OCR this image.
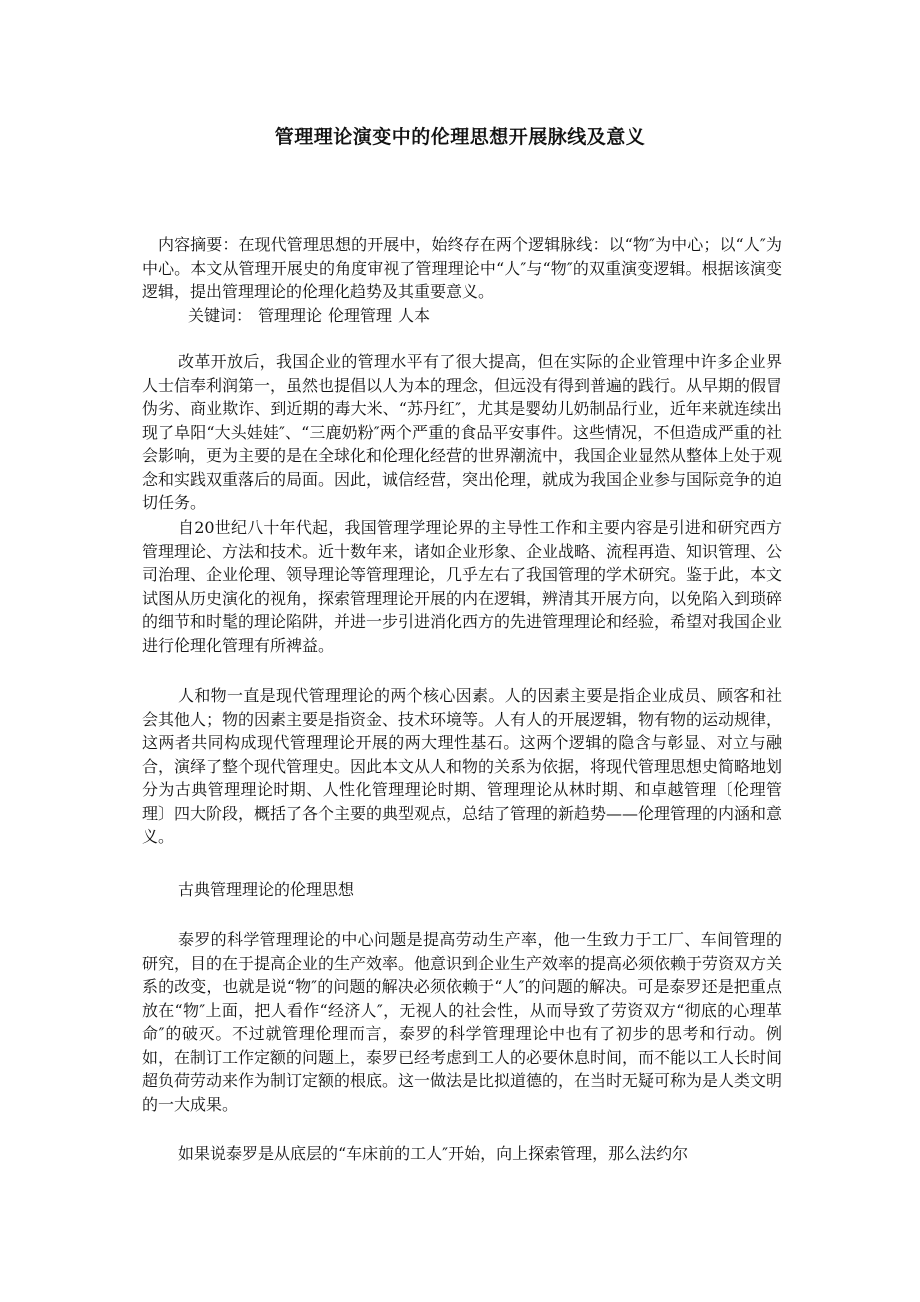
管理理论演变中的伦理思想开展脉线及意义

内容摘要：在现代管理思想的开展中，始终存在两个逻辑脉线：以“物″为中心；以“人″为中心。本文从管理开展史的角度审视了管理理论中“人″与“物″的双重演变逻辑。根据该演变逻辑，提出管理理论的伦理化趋势及其重要意义。

关键词： 管理理论 伦理管理 人本

改革开放后，我国企业的管理水平有了很大提高，但在实际的企业管理中许多企业界人士信奉利润第一，虽然也提倡以人为本的理念，但远没有得到普遍的践行。从早期的假冒伪劣、商业欺诈、到近期的毒大米、“苏丹红″，尤其是婴幼儿奶制品行业，近年来就连续出现了阜阳“大头娃娃″、“三鹿奶粉″两个严重的食品平安事件。这些情况，不但造成严重的社会影响，更为主要的是在全球化和伦理化经营的世界潮流中，我国企业显然从整体上处于观念和实践双重落后的局面。因此，诚信经营，突出伦理，就成为我国企业参与国际竞争的迫切任务。

自20世纪八十年代起，我国管理学理论界的主导性工作和主要内容是引进和研究西方管理理论、方法和技术。近十数年来，诸如企业形象、企业战略、流程再造、知识管理、公司治理、企业伦理、领导理论等管理理论，几乎左右了我国管理的学术研究。鉴于此，本文试图从历史演化的视角，探索管理理论开展的内在逻辑，辨清其开展方向，以免陷入到琐碎的细节和时髦的理论陷阱，并进一步引进消化西方的先进管理理论和经验，希望对我国企业进行伦理化管理有所裨益。

人和物一直是现代管理理论的两个核心因素。人的因素主要是指企业成员、顾客和社会其他人；物的因素主要是指资金、技术环境等。人有人的开展逻辑，物有物的运动规律，这两者共同构成现代管理理论开展的两大理性基石。这两个逻辑的隐含与彰显、对立与融合，演绎了整个现代管理史。因此本文从人和物的关系为依据，将现代管理思想史简略地划分为古典管理理论时期、人性化管理理论时期、管理理论从林时期、和卓越管理〔伦理管理〕四大阶段，概括了各个主要的典型观点，总结了管理的新趋势——伦理管理的内涵和意义。

古典管理理论的伦理思想

泰罗的科学管理理论的中心问题是提高劳动生产率，他一生致力于工厂、车间管理的研究，目的在于提高企业的生产效率。他意识到企业生产效率的提高必须依赖于劳资双方关系的改变，也就是说“物″的问题的解决必须依赖于“人″的问题的解决。可是泰罗还是把重点放在“物″上面，把人看作“经济人″，无视人的社会性，从而导致了劳资双方“彻底的心理革命″的破灭。不过就管理伦理而言，泰罗的科学管理理论中也有了初步的思考和行动。例如，在制订工作定额的问题上，泰罗已经考虑到工人的必要休息时间，而不能以工人长时间超负荷劳动来作为制订定额的根底。这一做法是比拟道德的，在当时无疑可称为是人类文明的一大成果。

如果说泰罗是从底层的“车床前的工人″开始，向上探索管理，那么法约尔
